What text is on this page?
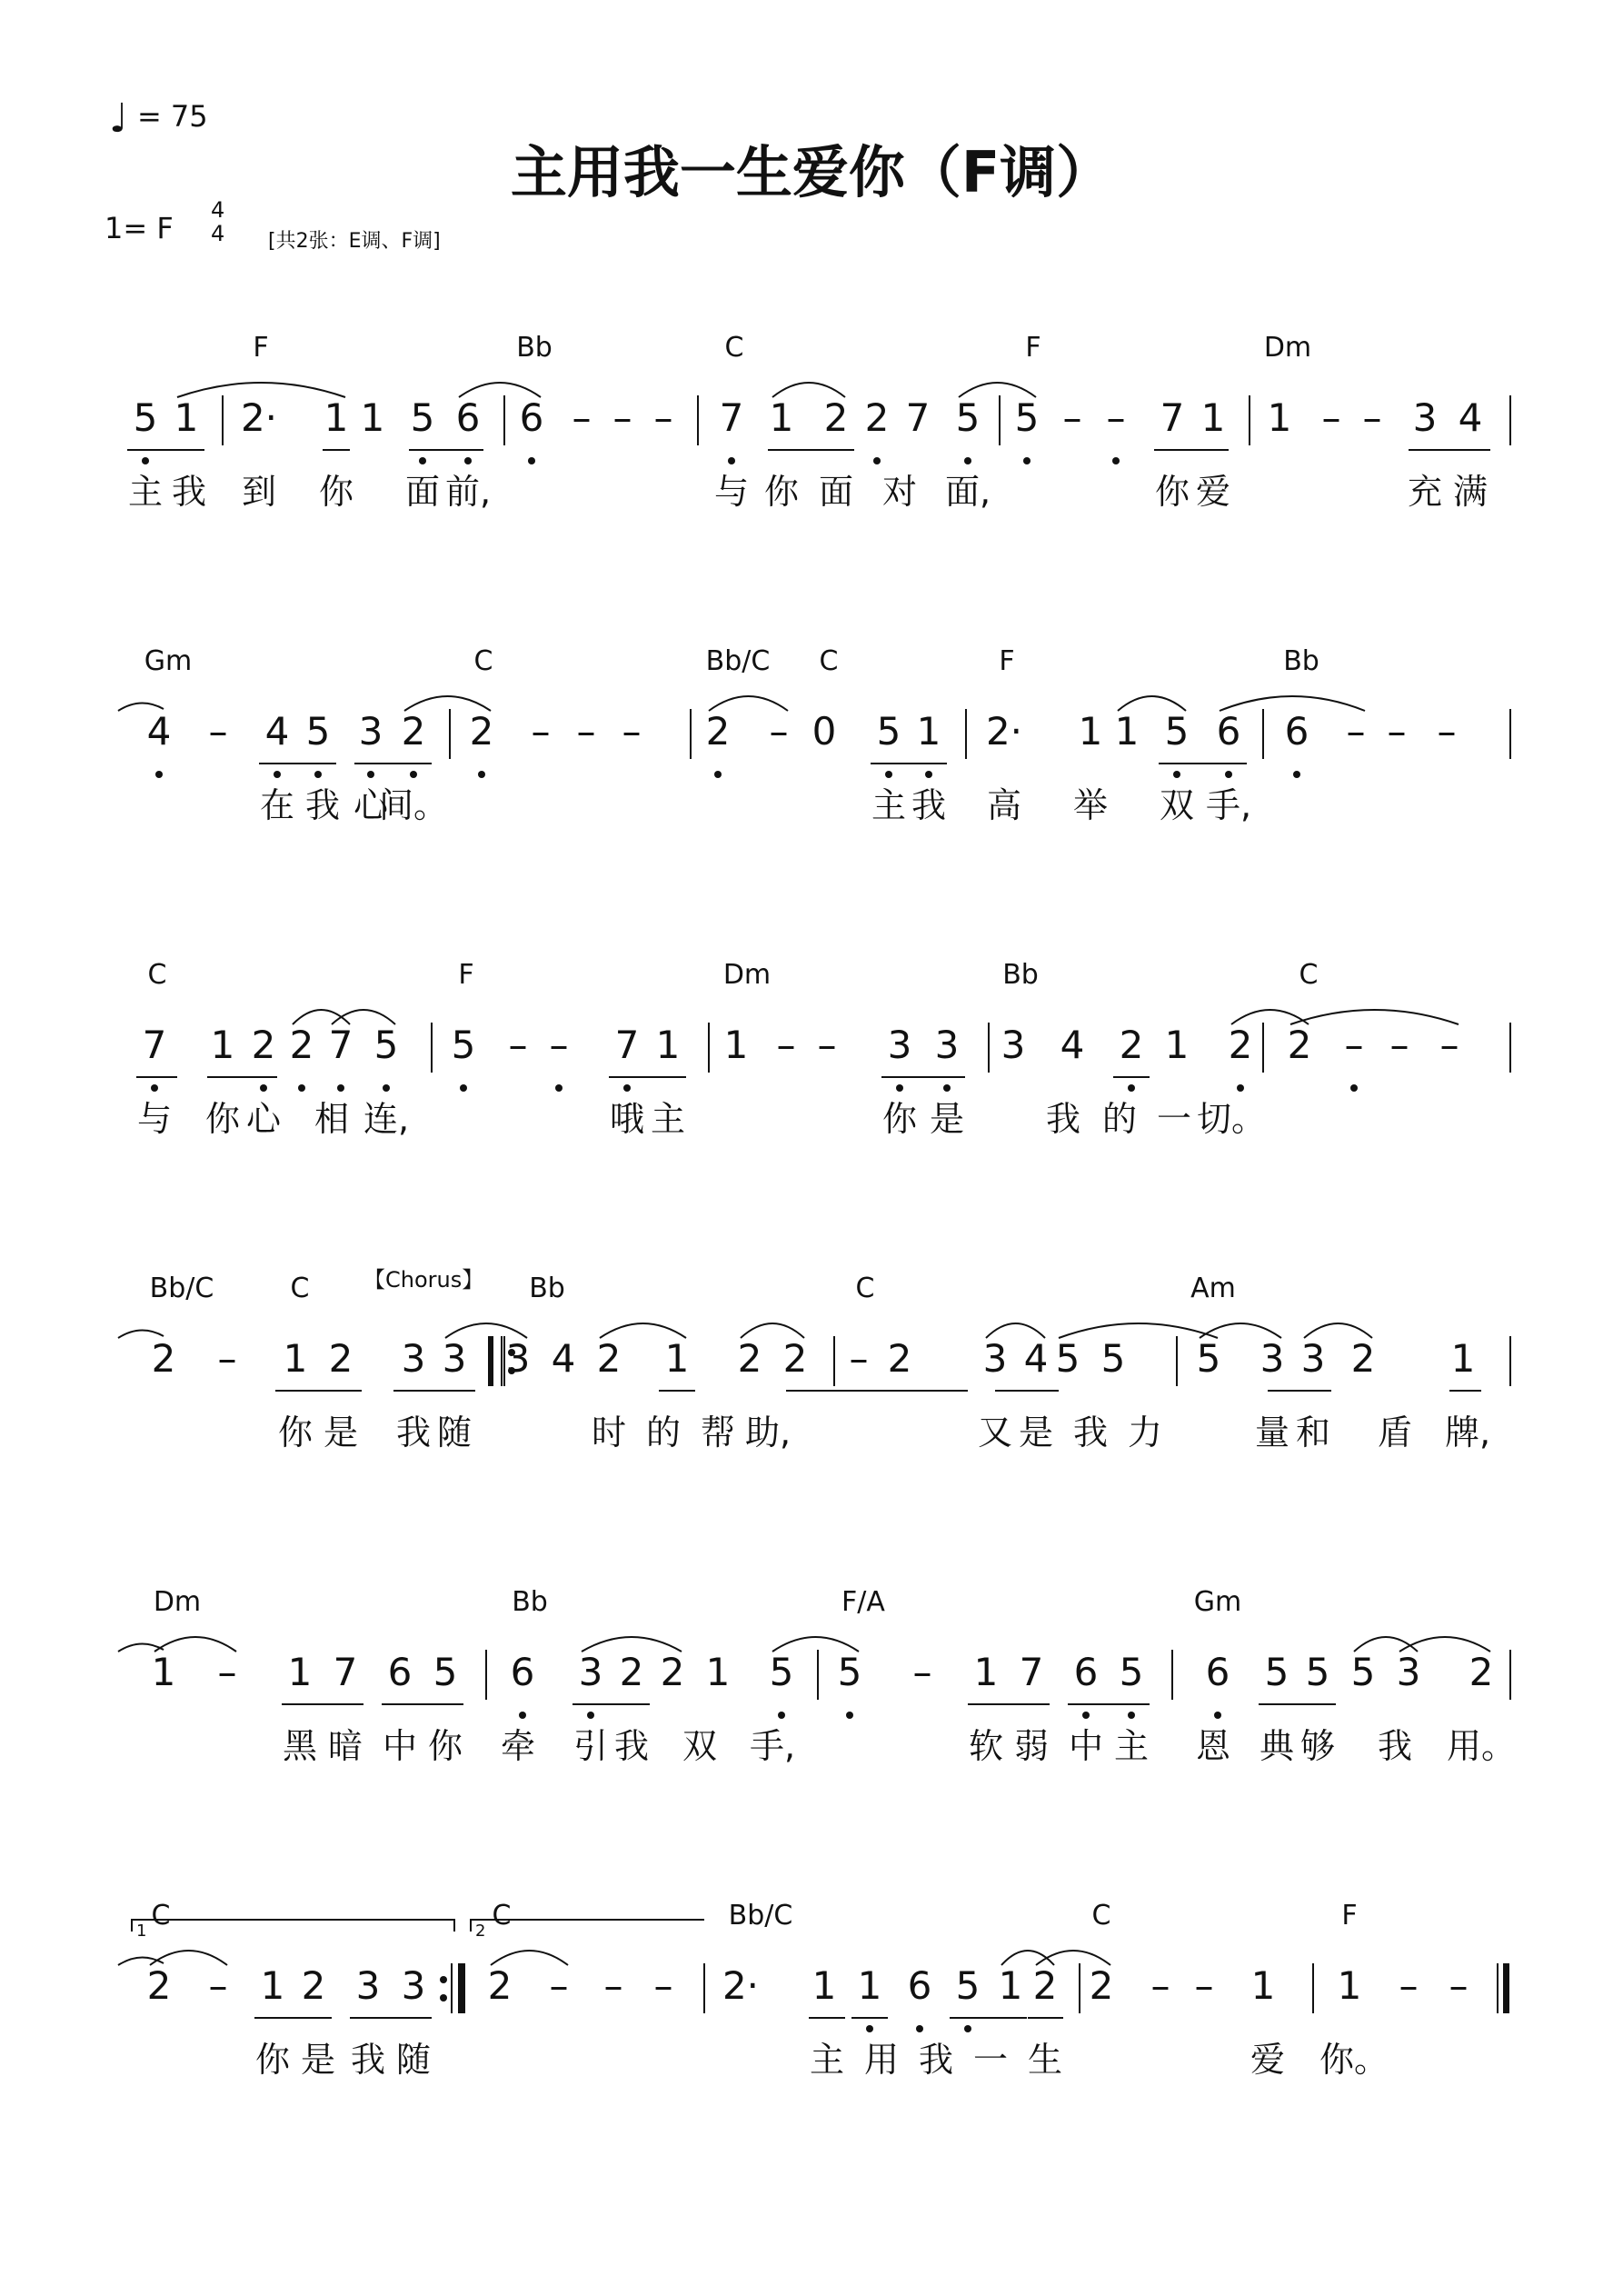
主用我一生爱你（F调）
♩ = 75
1= F
4
4 [共2张：E调、F调]
F	Bb	C	F	Dm
5 1 2· 1 1 5 6 6 – – – 7 1 2 2 7 5 5 – – 7 1 1 – – 3 4
主 我 到 你 面 前,	与 你 面 对 面,	你 爱	充 满
Gm	C	Bb/C C	F	Bb
4 – 4 5 3 2 2 – – – 2 – 0 5 1 2· 1 1 5 6 6 – – –
在 我 心
间。	主 我 高 举 双 手,
C	F	Dm	Bb	C
7 1 2 2 7 5 5 – – 7 1 1 – – 3 3 3 4 2 1 2 2 – – –
与 你 心 相 连,	哦 主	你 是 我 的 一 切。
Bb/C	C	Bb	C	Am
2 – 1 2 3 3 3 4 2 1 2 2 – 2 3 4 5 5 5 3 3 2 1
你 是 我 随	时 的 帮 助,	又 是 我 力	量 和 盾 牌,
Dm	Bb	F/A	Gm
1 – 1 7 6 5 6 3 2 2 1 5 5 – 1 7 6 5 6 5 5 5 3 2
黑 暗 中 你 牵 引 我 双 手,	软 弱 中 主 恩 典 够 我 用。
C	C	Bb/C	C	F
2 – 1 2 3 3 2 – – – 2· 1 1 6 5 1 2 2 – – 1 1 – –
你 是 我 随	主 用 我 一 生	爱 你。
【Chorus】
1	2
